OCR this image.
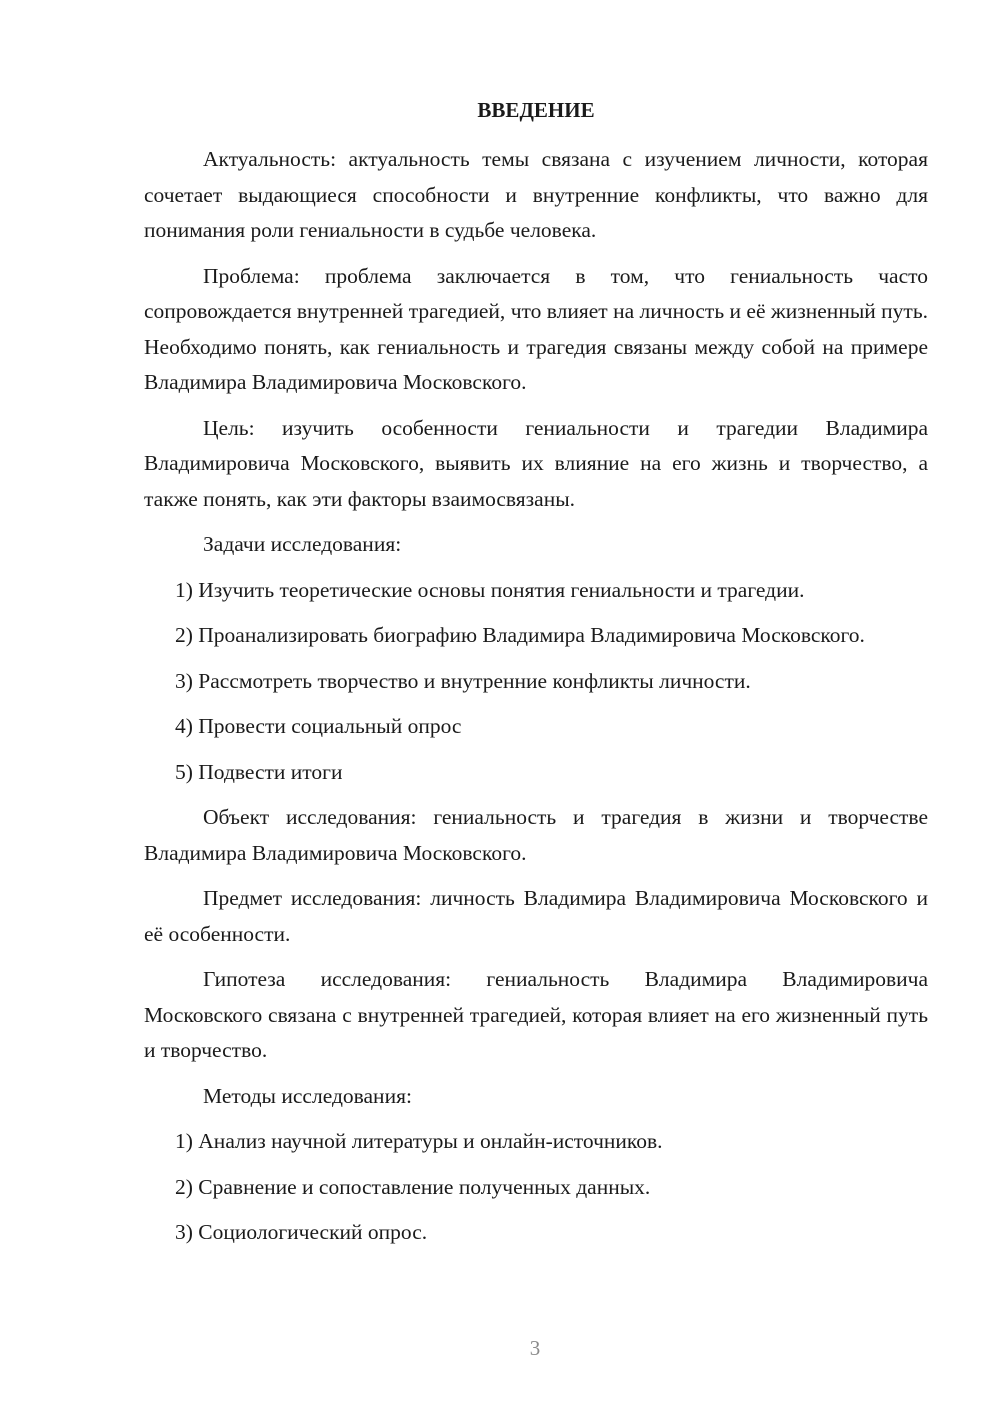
ВВЕДЕНИЕ

Актуальность: актуальность темы связана с изучением личности, которая сочетает выдающиеся способности и внутренние конфликты, что важно для понимания роли гениальности в судьбе человека.

Проблема: проблема заключается в том, что гениальность часто сопровождается внутренней трагедией, что влияет на личность и её жизненный путь. Необходимо понять, как гениальность и трагедия связаны между собой на примере Владимира Владимировича Московского.

Цель: изучить особенности гениальности и трагедии Владимира Владимировича Московского, выявить их влияние на его жизнь и творчество, а также понять, как эти факторы взаимосвязаны.

Задачи исследования:

1) Изучить теоретические основы понятия гениальности и трагедии.

2) Проанализировать биографию Владимира Владимировича Московского.

3) Рассмотреть творчество и внутренние конфликты личности.

4) Провести социальный опрос

5) Подвести итоги

Объект исследования: гениальность и трагедия в жизни и творчестве Владимира Владимировича Московского.

Предмет исследования: личность Владимира Владимировича Московского и её особенности.

Гипотеза исследования: гениальность Владимира Владимировича Московского связана с внутренней трагедией, которая влияет на его жизненный путь и творчество.

Методы исследования:

1) Анализ научной литературы и онлайн-источников.

2) Сравнение и сопоставление полученных данных.

3) Социологический опрос.

3
